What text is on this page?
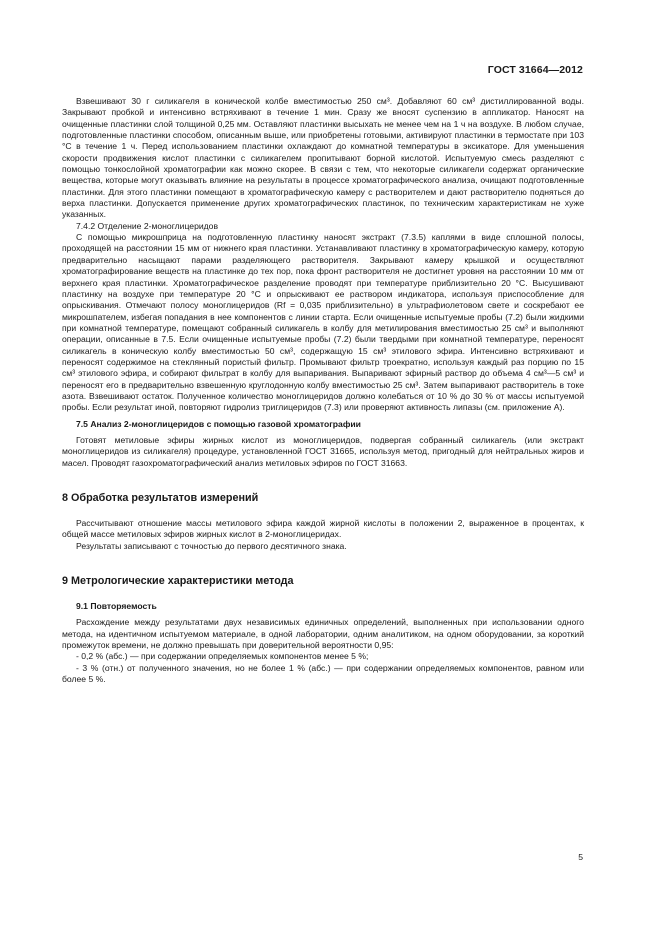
ГОСТ 31664—2012

Взвешивают 30 г силикагеля в конической колбе вместимостью 250 см³. Добавляют 60 см³ дистиллированной воды. Закрывают пробкой и интенсивно встряхивают в течение 1 мин. Сразу же вносят суспензию в аппликатор. Наносят на очищенные пластинки слой толщиной 0,25 мм. Оставляют пластинки высыхать не менее чем на 1 ч на воздухе. В любом случае, подготовленные пластинки способом, описанным выше, или приобретены готовыми, активируют пластинки в термостате при 103 °С в течение 1 ч. Перед использованием пластинки охлаждают до комнатной температуры в эксикаторе. Для уменьшения скорости продвижения кислот пластинки с силикагелем пропитывают борной кислотой. Испытуемую смесь разделяют с помощью тонкослойной хроматографии как можно скорее. В связи с тем, что некоторые силикагели содержат органические вещества, которые могут оказывать влияние на результаты в процессе хроматографического анализа, очищают подготовленные пластинки. Для этого пластинки помещают в хроматографическую камеру с растворителем и дают растворителю подняться до верха пластинки. Допускается применение других хроматографических пластинок, по техническим характеристикам не хуже указанных.

7.4.2 Отделение 2-моноглицеридов

С помощью микрошприца на подготовленную пластинку наносят экстракт (7.3.5) каплями в виде сплошной полосы, проходящей на расстоянии 15 мм от нижнего края пластинки. Устанавливают пластинку в хроматографическую камеру, которую предварительно насыщают парами разделяющего растворителя. Закрывают камеру крышкой и осуществляют хроматографирование веществ на пластинке до тех пор, пока фронт растворителя не достигнет уровня на расстоянии 10 мм от верхнего края пластинки. Хроматографическое разделение проводят при температуре приблизительно 20 °С. Высушивают пластинку на воздухе при температуре 20 °С и опрыскивают ее раствором индикатора, используя приспособление для опрыскивания. Отмечают полосу моноглицеридов (Rf = 0,035 приблизительно) в ультрафиолетовом свете и соскребают ее микрошпателем, избегая попадания в нее компонентов с линии старта. Если очищенные испытуемые пробы (7.2) были жидкими при комнатной температуре, помещают собранный силикагель в колбу для метилирования вместимостью 25 см³ и выполняют операции, описанные в 7.5. Если очищенные испытуемые пробы (7.2) были твердыми при комнатной температуре, переносят силикагель в коническую колбу вместимостью 50 см³, содержащую 15 см³ этилового эфира. Интенсивно встряхивают и переносят содержимое на стеклянный пористый фильтр. Промывают фильтр троекратно, используя каждый раз порцию по 15 см³ этилового эфира, и собирают фильтрат в колбу для выпаривания. Выпаривают эфирный раствор до объема 4 см³—5 см³ и переносят его в предварительно взвешенную круглодонную колбу вместимостью 25 см³. Затем выпаривают растворитель в токе азота. Взвешивают остаток. Полученное количество моноглицеридов должно колебаться от 10 % до 30 % от массы испытуемой пробы. Если результат иной, повторяют гидролиз триглицеридов (7.3) или проверяют активность липазы (см. приложение А).

7.5 Анализ 2-моноглицеридов с помощью газовой хроматографии

Готовят метиловые эфиры жирных кислот из моноглицеридов, подвергая собранный силикагель (или экстракт моноглицеридов из силикагеля) процедуре, установленной ГОСТ 31665, используя метод, пригодный для нейтральных жиров и масел. Проводят газохроматографический анализ метиловых эфиров по ГОСТ 31663.

8 Обработка результатов измерений

Рассчитывают отношение массы метилового эфира каждой жирной кислоты в положении 2, выраженное в процентах, к общей массе метиловых эфиров жирных кислот в 2-моноглицеридах.

Результаты записывают с точностью до первого десятичного знака.

9 Метрологические характеристики метода

9.1 Повторяемость

Расхождение между результатами двух независимых единичных определений, выполненных при использовании одного метода, на идентичном испытуемом материале, в одной лаборатории, одним аналитиком, на одном оборудовании, за короткий промежуток времени, не должно превышать при доверительной вероятности 0,95:

- 0,2 % (абс.) — при содержании определяемых компонентов менее 5 %;

- 3 % (отн.) от полученного значения, но не более 1 % (абс.) — при содержании определяемых компонентов, равном или более 5 %.

5
